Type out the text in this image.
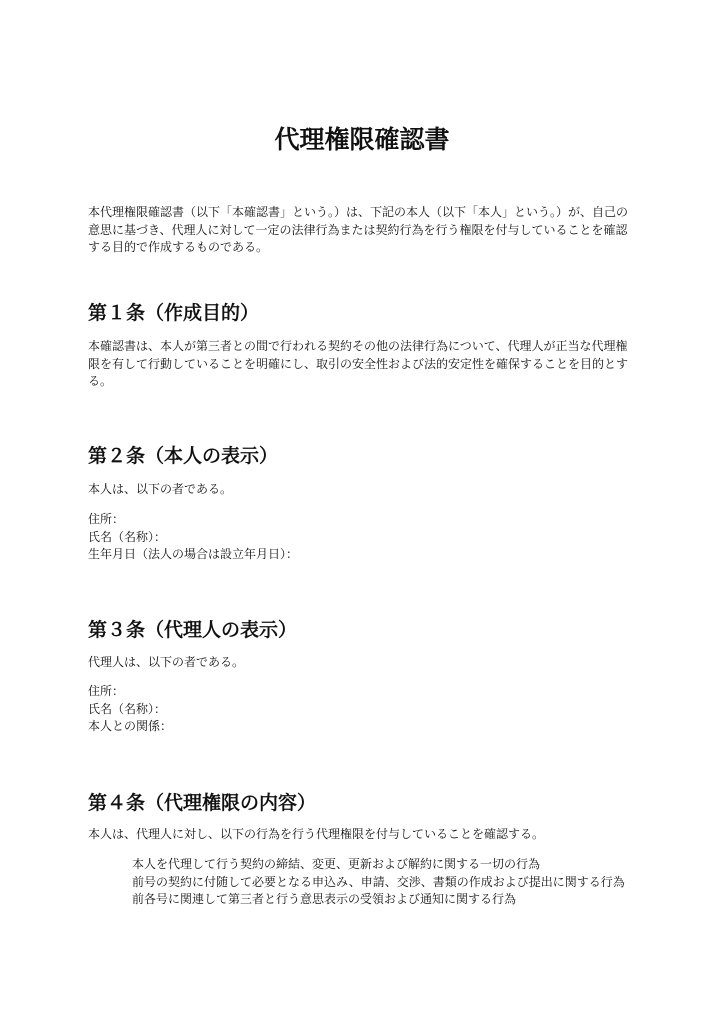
代理権限確認書

本代理権限確認書（以下「本確認書」という。）は、下記の本人（以下「本人」という。）が、自己の意思に基づき、代理人に対して一定の法律行為または契約行為を行う権限を付与していることを確認する目的で作成するものである。

第１条（作成目的）

本確認書は、本人が第三者との間で行われる契約その他の法律行為について、代理人が正当な代理権限を有して行動していることを明確にし、取引の安全性および法的安定性を確保することを目的とする。

第２条（本人の表示）

本人は、以下の者である。

住所：
氏名（名称）：
生年月日（法人の場合は設立年月日）：
第３条（代理人の表示）

代理人は、以下の者である。

住所：
氏名（名称）：
本人との関係：
第４条（代理権限の内容）

本人は、代理人に対し、以下の行為を行う代理権限を付与していることを確認する。

本人を代理して行う契約の締結、変更、更新および解約に関する一切の行為
前号の契約に付随して必要となる申込み、申請、交渉、書類の作成および提出に関する行為
前各号に関連して第三者と行う意思表示の受領および通知に関する行為
